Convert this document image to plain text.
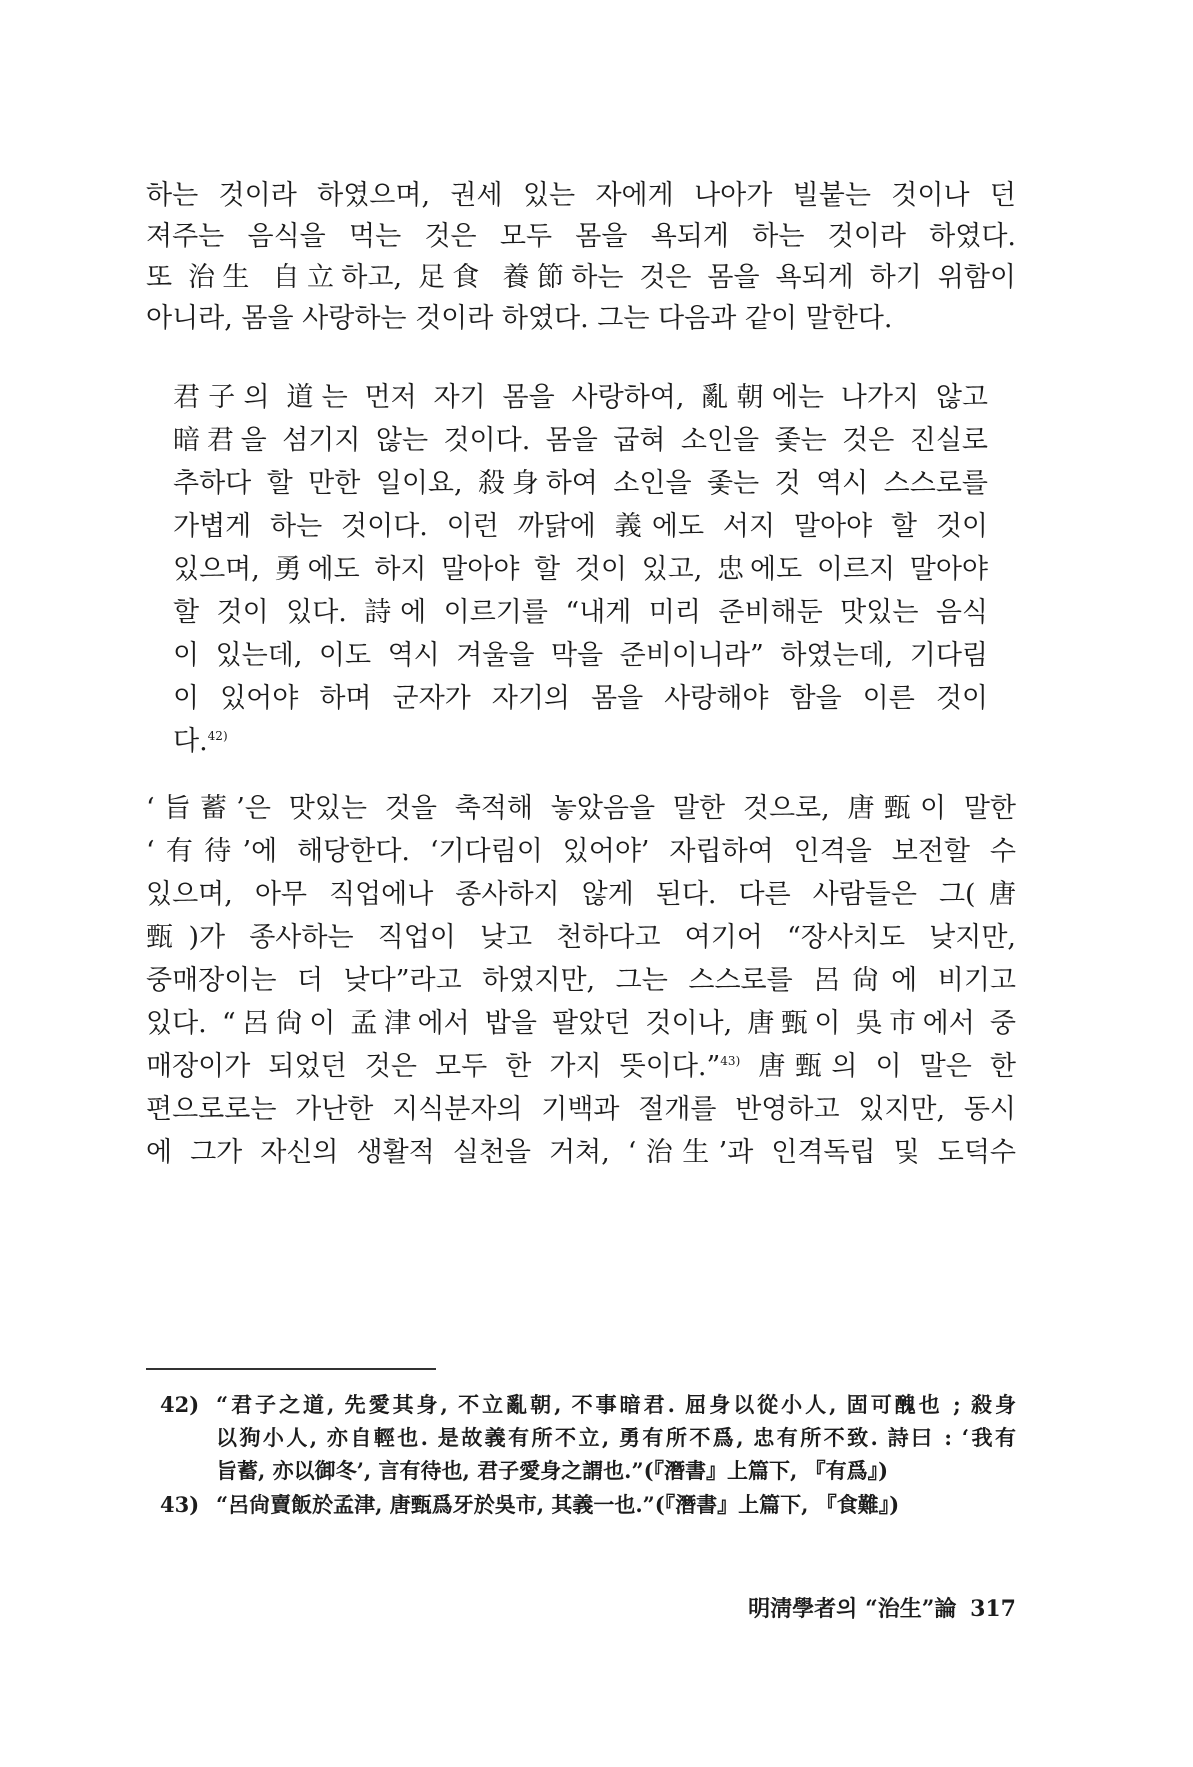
하는 것이라 하였으며, 권세 있는 자에게 나아가 빌붙는 것이나 던

져주는 음식을 먹는 것은 모두 몸을 욕되게 하는 것이라 하였다.

또 治生 自立하고, 足食 養節하는 것은 몸을 욕되게 하기 위함이

아니라, 몸을 사랑하는 것이라 하였다. 그는 다음과 같이 말한다.

君子의 道는 먼저 자기 몸을 사랑하여, 亂朝에는 나가지 않고

暗君을 섬기지 않는 것이다. 몸을 굽혀 소인을 좇는 것은 진실로

추하다 할 만한 일이요, 殺身하여 소인을 좇는 것 역시 스스로를

가볍게 하는 것이다. 이런 까닭에 義에도 서지 말아야 할 것이

있으며, 勇에도 하지 말아야 할 것이 있고, 忠에도 이르지 말아야

할 것이 있다. 詩에 이르기를 “내게 미리 준비해둔 맛있는 음식

이 있는데, 이도 역시 겨울을 막을 준비이니라” 하였는데, 기다림

이 있어야 하며 군자가 자기의 몸을 사랑해야 함을 이른 것이

다.$^{42)}$

‘旨蓄’은 맛있는 것을 축적해 놓았음을 말한 것으로, 唐甄이 말한

‘有待’에 해당한다. ‘기다림이 있어야’ 자립하여 인격을 보전할 수

있으며, 아무 직업에나 종사하지 않게 된다. 다른 사람들은 그(唐

甄)가 종사하는 직업이 낮고 천하다고 여기어 “장사치도 낮지만,

중매장이는 더 낮다”라고 하였지만, 그는 스스로를 呂尙에 비기고

있다. “呂尙이 孟津에서 밥을 팔았던 것이나, 唐甄이 吳市에서 중

매장이가 되었던 것은 모두 한 가지 뜻이다.”$^{43)}$ 唐甄의 이 말은 한

편으로로는 가난한 지식분자의 기백과 절개를 반영하고 있지만, 동시

에 그가 자신의 생활적 실천을 거쳐, ‘治生’과 인격독립 및 도덕수

42) “君子之道, 先愛其身, 不立亂朝, 不事暗君. 屈身以從小人, 固可醜也 ; 殺身

以狗小人, 亦自輕也. 是故義有所不立, 勇有所不爲, 忠有所不致. 詩曰 : ‘我有

旨蓄, 亦以御冬’, 言有待也, 君子愛身之謂也.”(『潛書』上篇下, 『有爲』)

43) “呂尙賣飯於孟津, 唐甄爲牙於吳市, 其義一也.”(『潛書』上篇下, 『食難』)

明淸學者의 “治生”論 317
